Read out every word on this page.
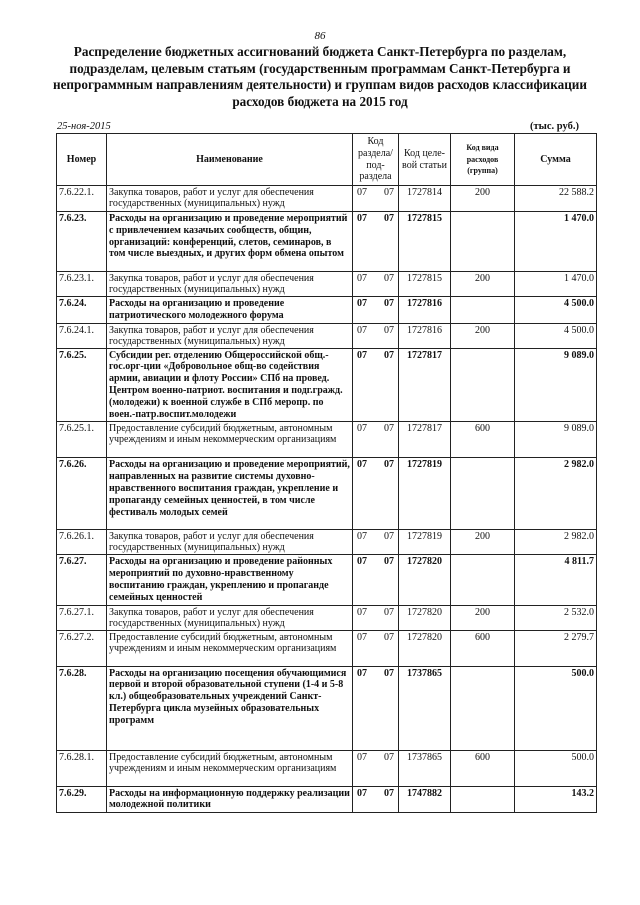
86
Распределение бюджетных ассигнований бюджета Санкт-Петербурга по разделам, подразделам, целевым статьям (государственным программам Санкт-Петербурга и непрограммным направлениям деятельности) и группам видов расходов классификации расходов бюджета на 2015 год
25-ноя-2015	(тыс. руб.)
Номер	Наименование	Код раздела/ под- раздела	Код целе- вой статьи	Код вида расходов (группа)	Сумма
7.6.22.1.	Закупка товаров, работ и услуг для обеспечения государственных (муниципальных) нужд	07 07	1727814	200	22 588.2
7.6.23.	Расходы на организацию и проведение мероприятий с привлечением казачьих сообществ, общин, организаций: конференций, слетов, семинаров, в том числе выездных, и других форм обмена опытом	07 07	1727815		1 470.0
7.6.23.1.	Закупка товаров, работ и услуг для обеспечения государственных (муниципальных) нужд	07 07	1727815	200	1 470.0
7.6.24.	Расходы на организацию и проведение патриотического молодежного форума	07 07	1727816		4 500.0
7.6.24.1.	Закупка товаров, работ и услуг для обеспечения государственных (муниципальных) нужд	07 07	1727816	200	4 500.0
7.6.25.	Субсидии рег. отделению Общероссийской общ.-гос.орг-ции «Добровольное общ-во содействия армии, авиации и флоту России» СПб на провед. Центром военно-патриот. воспитания и подг.гражд. (молодежи) к военной службе в СПб меропр. по воен.-патр.воспит.молодежи	07 07	1727817		9 089.0
7.6.25.1.	Предоставление субсидий бюджетным, автономным учреждениям и иным некоммерческим организациям	07 07	1727817	600	9 089.0
7.6.26.	Расходы на организацию и проведение мероприятий, направленных на развитие системы духовно-нравственного воспитания граждан, укрепление и пропаганду семейных ценностей, в том числе фестиваль молодых семей	07 07	1727819		2 982.0
7.6.26.1.	Закупка товаров, работ и услуг для обеспечения государственных (муниципальных) нужд	07 07	1727819	200	2 982.0
7.6.27.	Расходы на организацию и проведение районных мероприятий по духовно-нравственному воспитанию граждан, укреплению и пропаганде семейных ценностей	07 07	1727820		4 811.7
7.6.27.1.	Закупка товаров, работ и услуг для обеспечения государственных (муниципальных) нужд	07 07	1727820	200	2 532.0
7.6.27.2.	Предоставление субсидий бюджетным, автономным учреждениям и иным некоммерческим организациям	07 07	1727820	600	2 279.7
7.6.28.	Расходы на организацию посещения обучающимися первой и второй образовательной ступени (1-4 и 5-8 кл.) общеобразовательных учреждений Санкт-Петербурга цикла музейных образовательных программ	07 07	1737865		500.0
7.6.28.1.	Предоставление субсидий бюджетным, автономным учреждениям и иным некоммерческим организациям	07 07	1737865	600	500.0
7.6.29.	Расходы на информационную поддержку реализации молодежной политики	07 07	1747882		143.2
